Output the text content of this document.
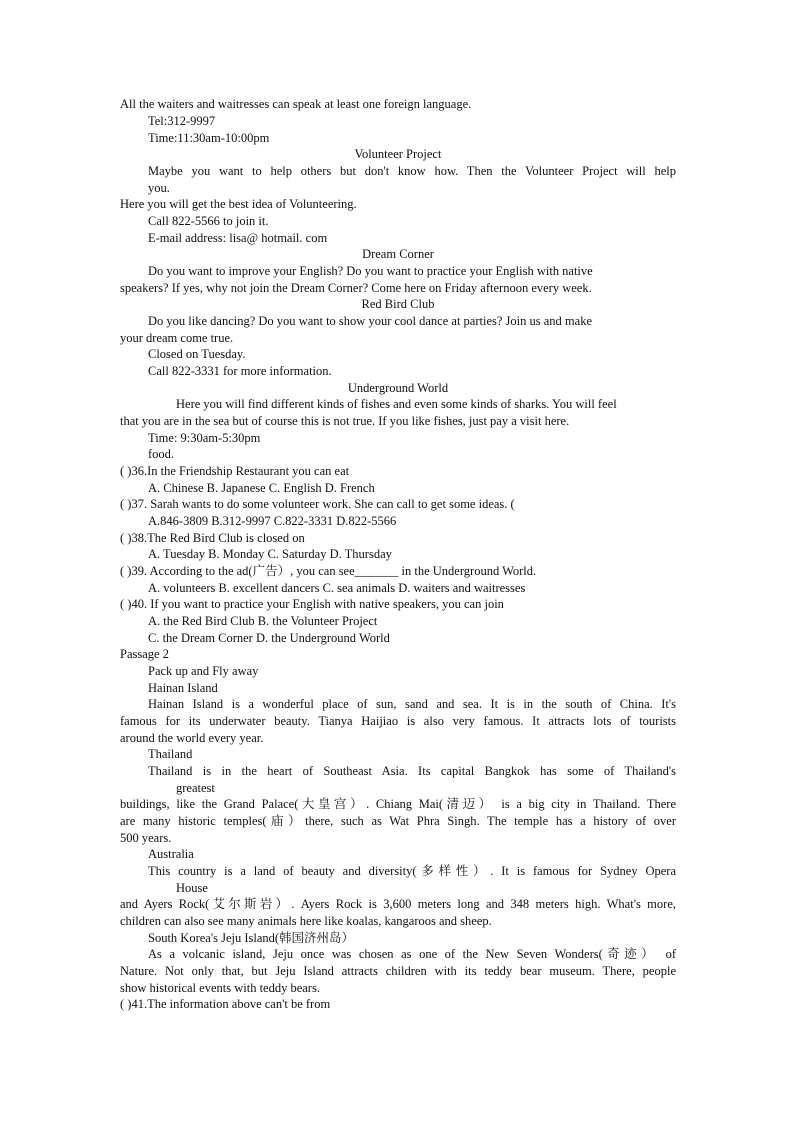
All the waiters and waitresses can speak at least one foreign language.
Tel:312-9997
Time:11:30am-10:00pm
Volunteer Project
Maybe you want to help others but don't know how. Then the Volunteer Project will help
you.
Here you will get the best idea of Volunteering.
Call 822-5566 to join it.
E-mail address: lisa@ hotmail. com
Dream Corner
Do you want to improve your English? Do you want to practice your English with native
speakers? If yes, why not join the Dream Corner? Come here on Friday afternoon every week.
Red Bird Club
Do you like dancing? Do you want to show your cool dance at parties? Join us and make
your dream come true.
Closed on Tuesday.
Call 822-3331 for more information.
Underground World
Here you will find different kinds of fishes and even some kinds of sharks. You will feel
that you are in the sea but of course this is not true. If you like fishes, just pay a visit here.
Time: 9:30am-5:30pm
food.
( )36.In the Friendship Restaurant you can eat
A. Chinese B. Japanese C. English D. French
( )37. Sarah wants to do some volunteer work. She can call to get some ideas. (
A.846-3809 B.312-9997 C.822-3331 D.822-5566
( )38.The Red Bird Club is closed on
A. Tuesday B. Monday C. Saturday D. Thursday
( )39. According to the ad(广告）, you can see_______ in the Underground World.
A. volunteers B. excellent dancers C. sea animals D. waiters and waitresses
( )40. If you want to practice your English with native speakers, you can join
A. the Red Bird Club B. the Volunteer Project
C. the Dream Corner D. the Underground World
Passage 2
Pack up and Fly away
Hainan Island
Hainan Island is a wonderful place of sun, sand and sea. It is in the south of China. It's
famous for its underwater beauty. Tianya Haijiao is also very famous. It attracts lots of tourists
around the world every year.
Thailand
Thailand is in the heart of Southeast Asia. Its capital Bangkok has some of Thailand's
greatest
buildings, like the Grand Palace(大皇宫）. Chiang Mai(清迈） is a big city in Thailand. There
are many historic temples(庙）there, such as Wat Phra Singh. The temple has a history of over
500 years.
Australia
This country is a land of beauty and diversity(多样性）. It is famous for Sydney Opera
House
and Ayers Rock(艾尔斯岩）. Ayers Rock is 3,600 meters long and 348 meters high. What's more,
children can also see many animals here like koalas, kangaroos and sheep.
South Korea's Jeju Island(韩国济州岛）
As a volcanic island, Jeju once was chosen as one of the New Seven Wonders(奇迹） of
Nature. Not only that, but Jeju Island attracts children with its teddy bear museum. There, people
show historical events with teddy bears.
( )41.The information above can't be from
